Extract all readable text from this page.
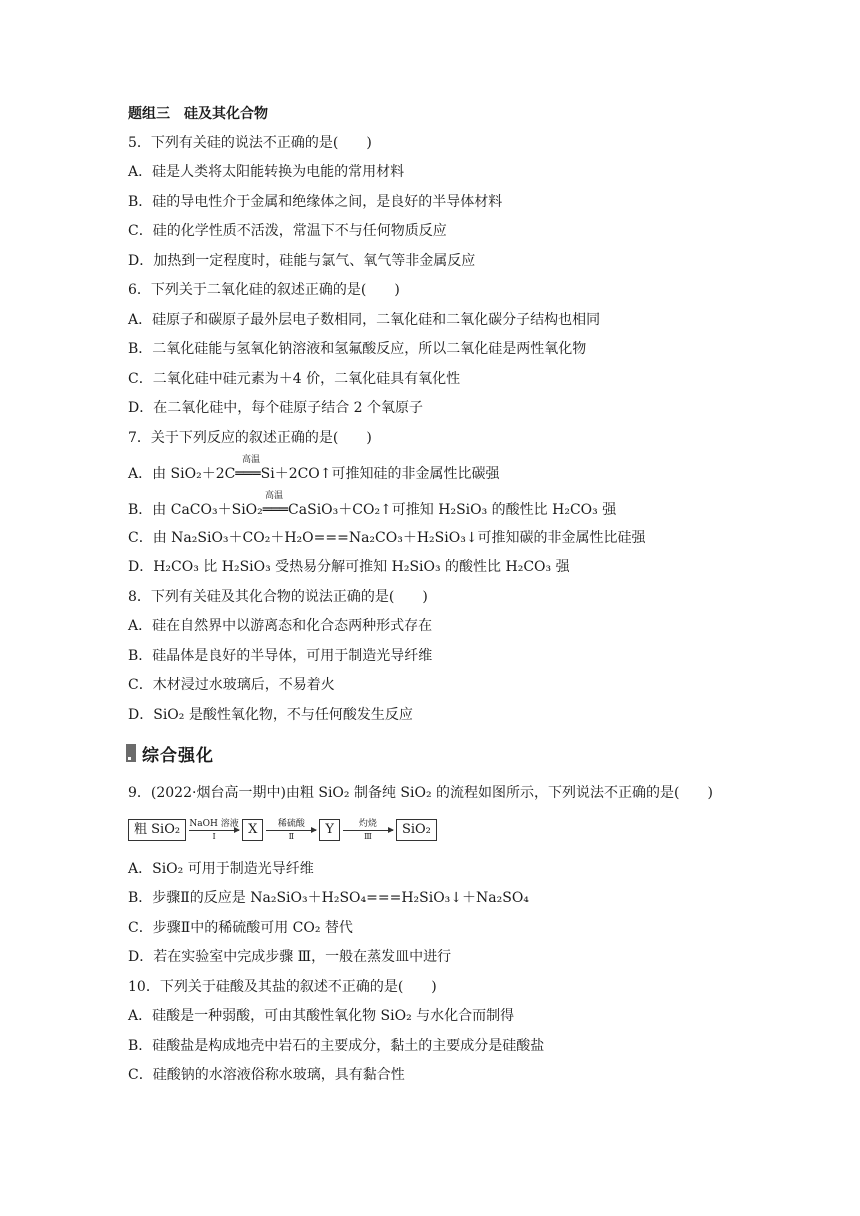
题组三　硅及其化合物
5．下列有关硅的说法不正确的是(　　)
A．硅是人类将太阳能转换为电能的常用材料
B．硅的导电性介于金属和绝缘体之间，是良好的半导体材料
C．硅的化学性质不活泼，常温下不与任何物质反应
D．加热到一定程度时，硅能与氯气、氧气等非金属反应
6．下列关于二氧化硅的叙述正确的是(　　)
A．硅原子和碳原子最外层电子数相同，二氧化硅和二氧化碳分子结构也相同
B．二氧化硅能与氢氧化钠溶液和氢氟酸反应，所以二氧化硅是两性氧化物
C．二氧化硅中硅元素为＋4 价，二氧化硅具有氧化性
D．在二氧化硅中，每个硅原子结合 2 个氧原子
7．关于下列反应的叙述正确的是(　　)
A．由 SiO₂＋2C═══Si＋2CO↑可推知硅的非金属性比碳强
高温
B．由 CaCO₃＋SiO₂═══CaSiO₃＋CO₂↑可推知 H₂SiO₃ 的酸性比 H₂CO₃ 强
高温
C．由 Na₂SiO₃＋CO₂＋H₂O===Na₂CO₃＋H₂SiO₃↓可推知碳的非金属性比硅强
D．H₂CO₃ 比 H₂SiO₃ 受热易分解可推知 H₂SiO₃ 的酸性比 H₂CO₃ 强
8．下列有关硅及其化合物的说法正确的是(　　)
A．硅在自然界中以游离态和化合态两种形式存在
B．硅晶体是良好的半导体，可用于制造光导纤维
C．木材浸过水玻璃后，不易着火
D．SiO₂ 是酸性氧化物，不与任何酸发生反应
综合强化
9．(2022·烟台高一期中)由粗 SiO₂ 制备纯 SiO₂ 的流程如图所示，下列说法不正确的是(　　)
粗 SiO₂	NaOH 溶液
Ⅰ	X	稀硫酸
Ⅱ	Y	灼烧
Ⅲ	SiO₂
A．SiO₂ 可用于制造光导纤维
B．步骤Ⅱ的反应是 Na₂SiO₃＋H₂SO₄===H₂SiO₃↓＋Na₂SO₄
C．步骤Ⅱ中的稀硫酸可用 CO₂ 替代
D．若在实验室中完成步骤 Ⅲ，一般在蒸发皿中进行
10．下列关于硅酸及其盐的叙述不正确的是(　　)
A．硅酸是一种弱酸，可由其酸性氧化物 SiO₂ 与水化合而制得
B．硅酸盐是构成地壳中岩石的主要成分，黏土的主要成分是硅酸盐
C．硅酸钠的水溶液俗称水玻璃，具有黏合性
